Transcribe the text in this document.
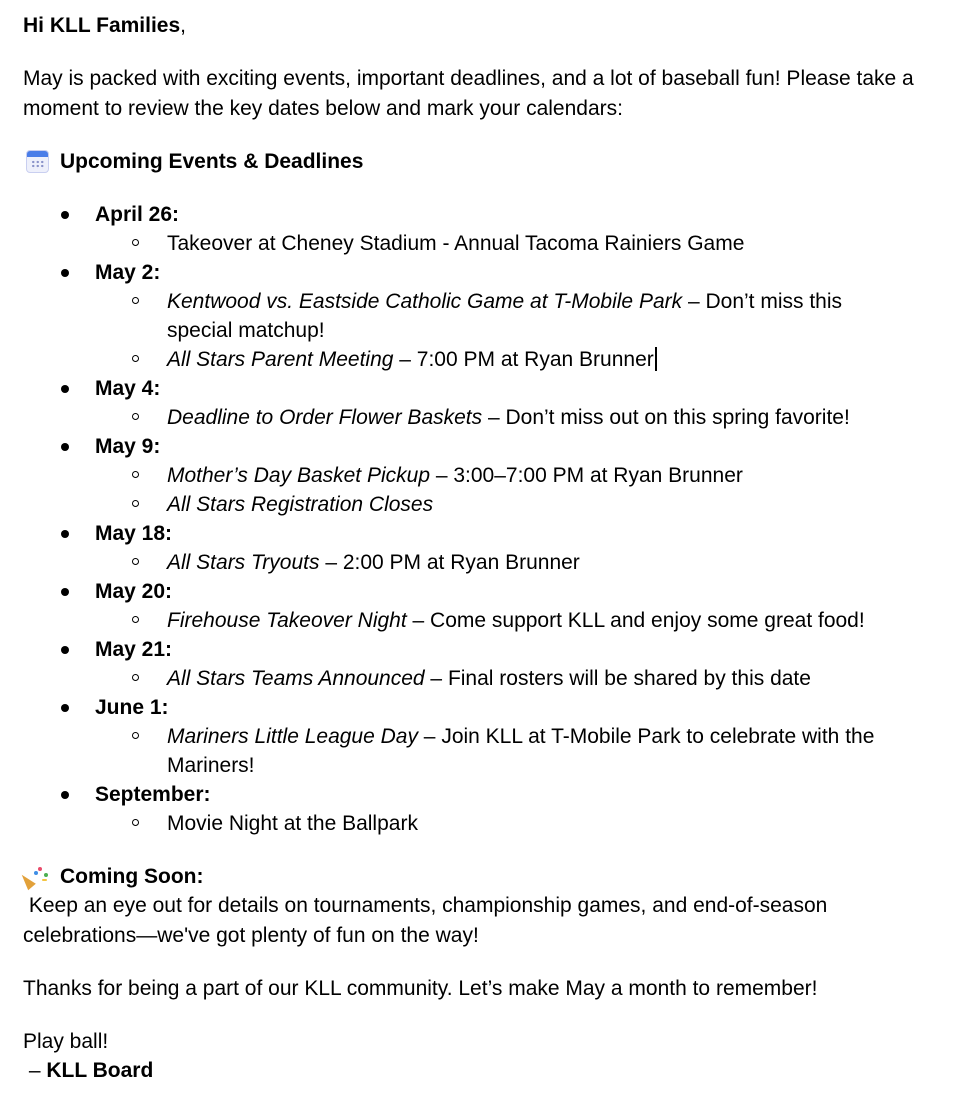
Hi KLL Families,
May is packed with exciting events, important deadlines, and a lot of baseball fun! Please take a moment to review the key dates below and mark your calendars:
Upcoming Events & Deadlines
April 26:
Takeover at Cheney Stadium - Annual Tacoma Rainiers Game
May 2:
Kentwood vs. Eastside Catholic Game at T-Mobile Park – Don’t miss this special matchup!
All Stars Parent Meeting – 7:00 PM at Ryan Brunner
May 4:
Deadline to Order Flower Baskets – Don’t miss out on this spring favorite!
May 9:
Mother’s Day Basket Pickup – 3:00–7:00 PM at Ryan Brunner
All Stars Registration Closes
May 18:
All Stars Tryouts – 2:00 PM at Ryan Brunner
May 20:
Firehouse Takeover Night – Come support KLL and enjoy some great food!
May 21:
All Stars Teams Announced – Final rosters will be shared by this date
June 1:
Mariners Little League Day – Join KLL at T-Mobile Park to celebrate with the Mariners!
September:
Movie Night at the Ballpark
Coming Soon:
Keep an eye out for details on tournaments, championship games, and end-of-season celebrations—we've got plenty of fun on the way!
Thanks for being a part of our KLL community. Let’s make May a month to remember!
Play ball!
– KLL Board
